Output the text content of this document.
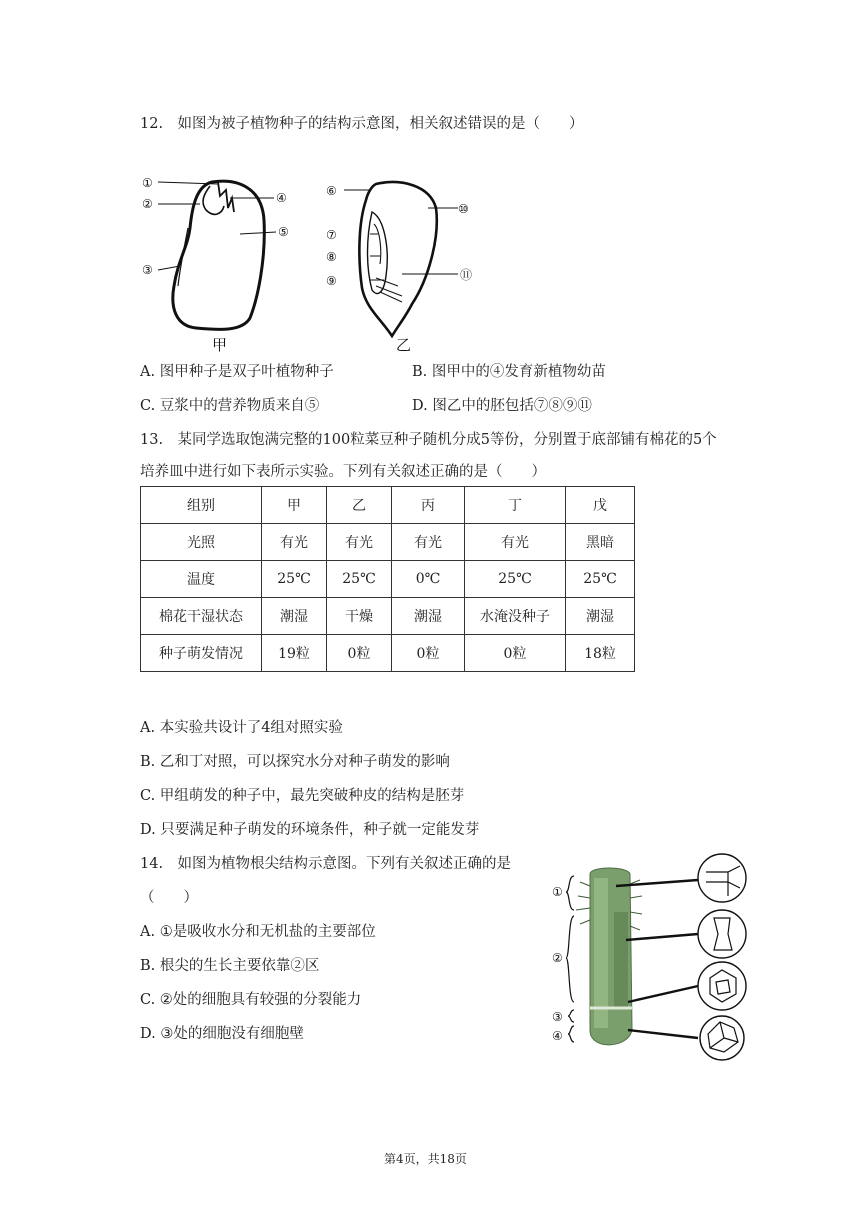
12.　如图为被子植物种子的结构示意图，相关叙述错误的是（　　）
①
②
③
④
⑤
⑥
⑩
⑦
⑧
⑨	⑪
甲	乙
A. 图甲种子是双子叶植物种子	B. 图甲中的④发育新植物幼苗
C. 豆浆中的营养物质来自⑤	D. 图乙中的胚包括⑦⑧⑨⑪
13.　某同学选取饱满完整的100粒菜豆种子随机分成5等份，分别置于底部铺有棉花的5个
培养皿中进行如下表所示实验。下列有关叙述正确的是（　　）
组别	甲	乙	丙	丁	戊
光照	有光	有光	有光	有光	黑暗
温度	25℃	25℃	0℃	25℃	25℃
棉花干湿状态	潮湿	干燥	潮湿	水淹没种子	潮湿
种子萌发情况	19粒	0粒	0粒	0粒	18粒
A. 本实验共设计了4组对照实验
B. 乙和丁对照，可以探究水分对种子萌发的影响
C. 甲组萌发的种子中，最先突破种皮的结构是胚芽
D. 只要满足种子萌发的环境条件，种子就一定能发芽
14.　如图为植物根尖结构示意图。下列有关叙述正确的是
（　　）
A. ①是吸收水分和无机盐的主要部位
B. 根尖的生长主要依靠②区
C. ②处的细胞具有较强的分裂能力
D. ③处的细胞没有细胞壁
①
②
③
④
第4页，共18页
